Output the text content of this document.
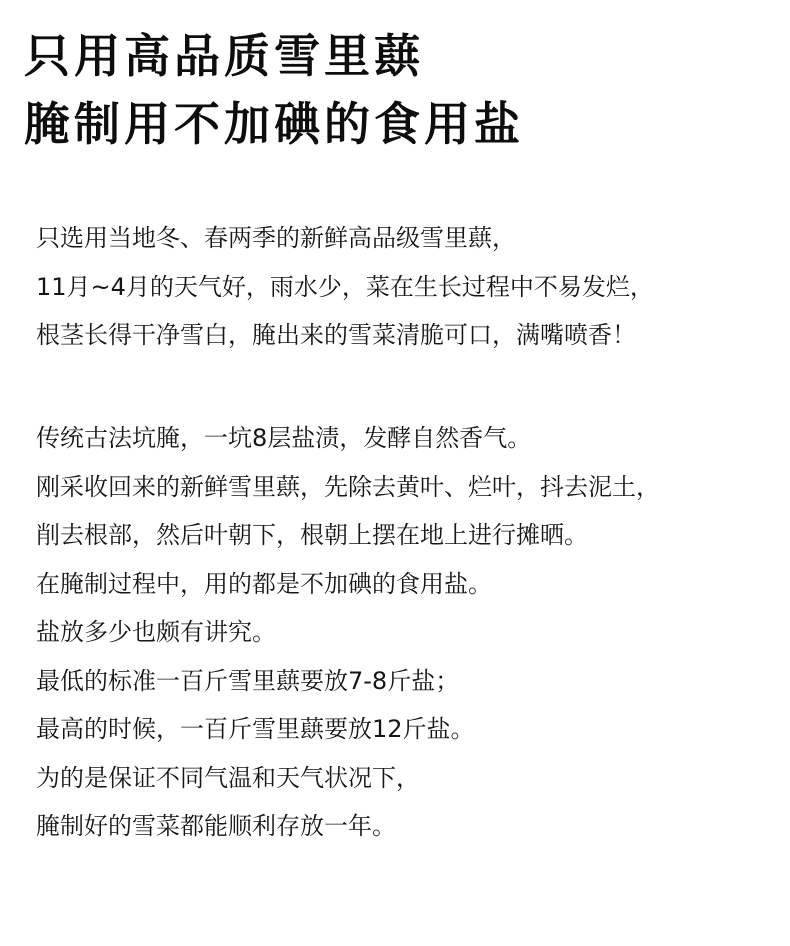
只用高品质雪里蕻
腌制用不加碘的食用盐
只选用当地冬、春两季的新鲜高品级雪里蕻，
11月~4月的天气好，雨水少，菜在生长过程中不易发烂，
根茎长得干净雪白，腌出来的雪菜清脆可口，满嘴喷香！
传统古法坑腌，一坑8层盐渍，发酵自然香气。
刚采收回来的新鲜雪里蕻，先除去黄叶、烂叶，抖去泥土，
削去根部，然后叶朝下，根朝上摆在地上进行摊晒。
在腌制过程中，用的都是不加碘的食用盐。
盐放多少也颇有讲究。
最低的标准一百斤雪里蕻要放7-8斤盐；
最高的时候，一百斤雪里蕻要放12斤盐。
为的是保证不同气温和天气状况下，
腌制好的雪菜都能顺利存放一年。
